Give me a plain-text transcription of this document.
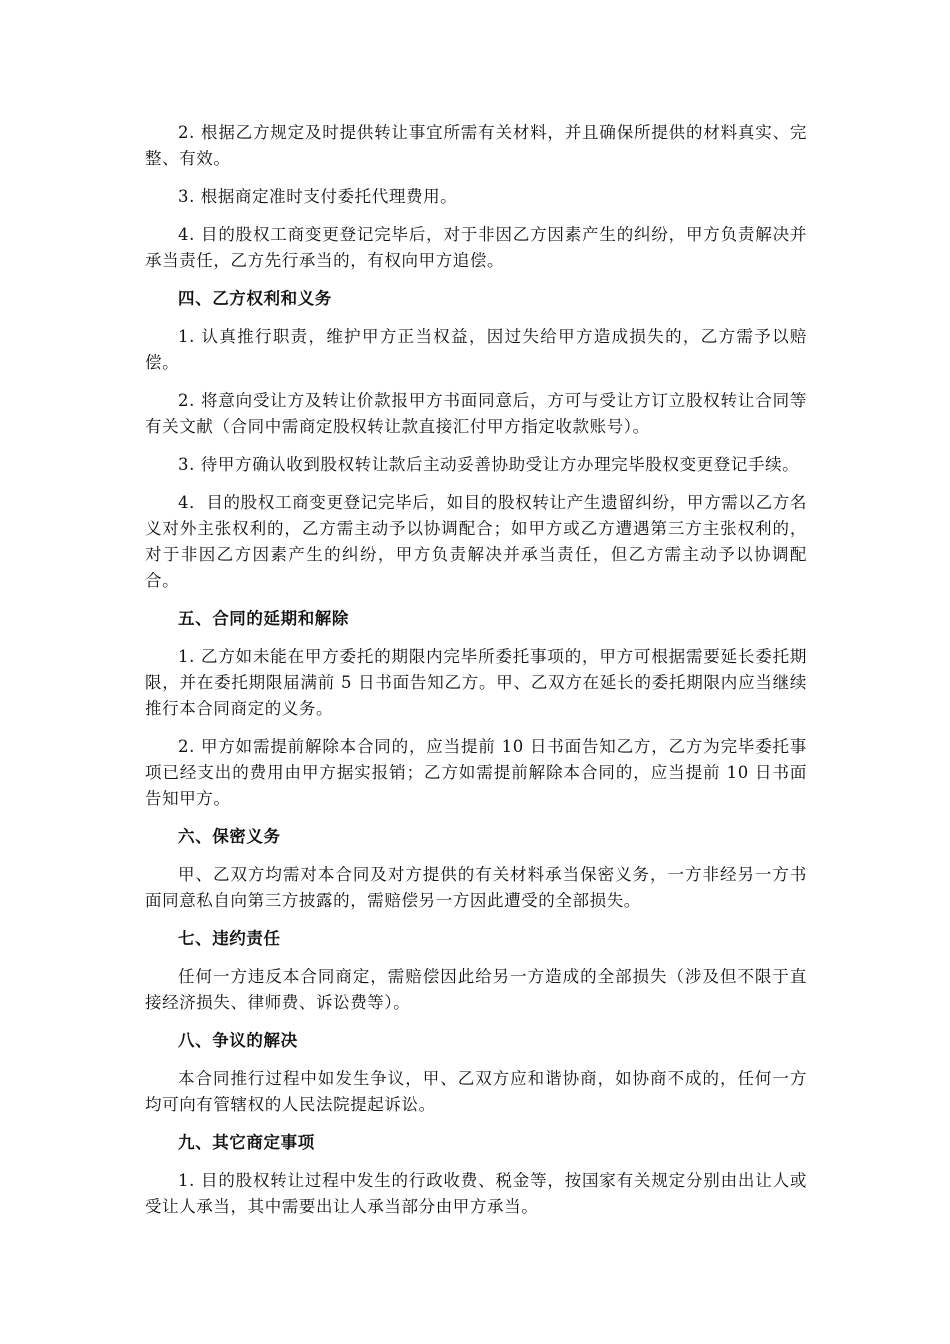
2. 根据乙方规定及时提供转让事宜所需有关材料，并且确保所提供的材料真实、完整、有效。

3. 根据商定准时支付委托代理费用。

4. 目的股权工商变更登记完毕后，对于非因乙方因素产生的纠纷，甲方负责解决并承当责任，乙方先行承当的，有权向甲方追偿。

四、乙方权利和义务

1. 认真推行职责，维护甲方正当权益，因过失给甲方造成损失的，乙方需予以赔偿。

2. 将意向受让方及转让价款报甲方书面同意后，方可与受让方订立股权转让合同等有关文献（合同中需商定股权转让款直接汇付甲方指定收款账号）。

3. 待甲方确认收到股权转让款后主动妥善协助受让方办理完毕股权变更登记手续。

4．目的股权工商变更登记完毕后，如目的股权转让产生遗留纠纷，甲方需以乙方名义对外主张权利的，乙方需主动予以协调配合；如甲方或乙方遭遇第三方主张权利的，对于非因乙方因素产生的纠纷，甲方负责解决并承当责任，但乙方需主动予以协调配合。

五、合同的延期和解除

1. 乙方如未能在甲方委托的期限内完毕所委托事项的，甲方可根据需要延长委托期限，并在委托期限届满前 5 日书面告知乙方。甲、乙双方在延长的委托期限内应当继续推行本合同商定的义务。

2. 甲方如需提前解除本合同的，应当提前 10 日书面告知乙方，乙方为完毕委托事项已经支出的费用由甲方据实报销；乙方如需提前解除本合同的，应当提前 10 日书面告知甲方。

六、保密义务

甲、乙双方均需对本合同及对方提供的有关材料承当保密义务，一方非经另一方书面同意私自向第三方披露的，需赔偿另一方因此遭受的全部损失。

七、违约责任

任何一方违反本合同商定，需赔偿因此给另一方造成的全部损失（涉及但不限于直接经济损失、律师费、诉讼费等）。

八、争议的解决

本合同推行过程中如发生争议，甲、乙双方应和谐协商，如协商不成的，任何一方均可向有管辖权的人民法院提起诉讼。

九、其它商定事项

1. 目的股权转让过程中发生的行政收费、税金等，按国家有关规定分别由出让人或受让人承当，其中需要出让人承当部分由甲方承当。
